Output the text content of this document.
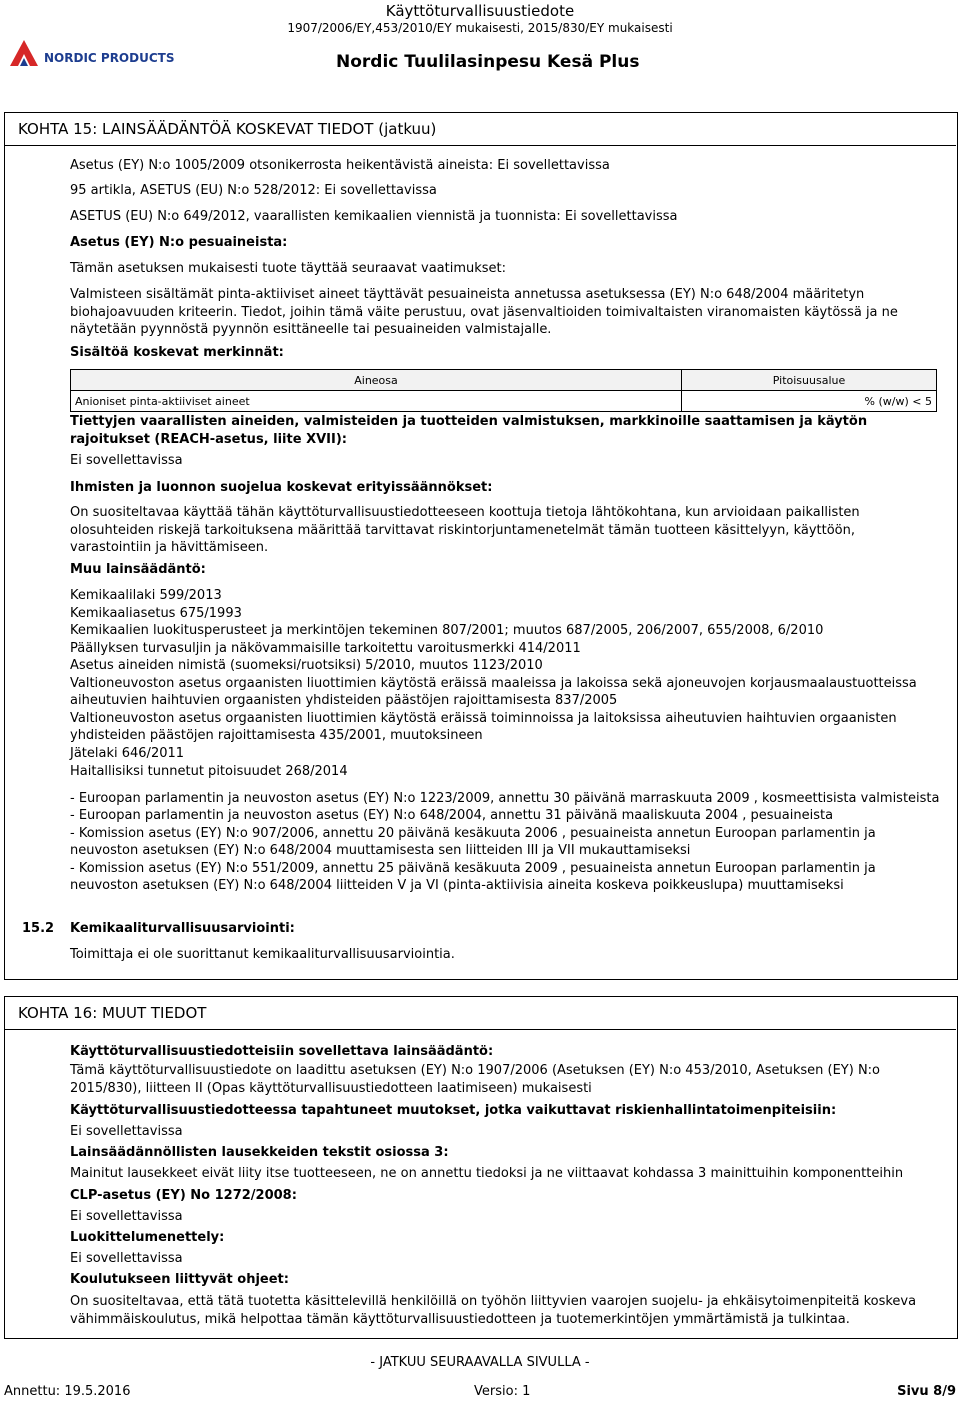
Käyttöturvallisuustiedote
1907/2006/EY,453/2010/EY mukaisesti, 2015/830/EY mukaisesti
Nordic Tuulilasinpesu Kesä Plus
NORDIC PRODUCTS
KOHTA 15: LAINSÄÄDÄNTÖÄ KOSKEVAT TIEDOT (jatkuu)
Asetus (EY) N:o 1005/2009 otsonikerrosta heikentävistä aineista: Ei sovellettavissa
95 artikla, ASETUS (EU) N:o 528/2012: Ei sovellettavissa
ASETUS (EU) N:o 649/2012, vaarallisten kemikaalien viennistä ja tuonnista: Ei sovellettavissa
Asetus (EY) N:o pesuaineista:
Tämän asetuksen mukaisesti tuote täyttää seuraavat vaatimukset:
Valmisteen sisältämät pinta-aktiiviset aineet täyttävät pesuaineista annetussa asetuksessa (EY) N:o 648/2004 määritetyn biohajoavuuden kriteerin. Tiedot, joihin tämä väite perustuu, ovat jäsenvaltioiden toimivaltaisten viranomaisten käytössä ja ne näytetään pyynnöstä pyynnön esittäneelle tai pesuaineiden valmistajalle.
Sisältöä koskevat merkinnät:
Aineosa	Pitoisuusalue
Anioniset pinta-aktiiviset aineet	% (w/w) < 5
Tiettyjen vaarallisten aineiden, valmisteiden ja tuotteiden valmistuksen, markkinoille saattamisen ja käytön rajoitukset (REACH-asetus, liite XVII):
Ei sovellettavissa
Ihmisten ja luonnon suojelua koskevat erityissäännökset:
On suositeltavaa käyttää tähän käyttöturvallisuustiedotteeseen koottuja tietoja lähtökohtana, kun arvioidaan paikallisten olosuhteiden riskejä tarkoituksena määrittää tarvittavat riskintorjuntamenetelmät tämän tuotteen käsittelyyn, käyttöön, varastointiin ja hävittämiseen.
Muu lainsäädäntö:
Kemikaalilaki 599/2013
Kemikaaliasetus 675/1993
Kemikaalien luokitusperusteet ja merkintöjen tekeminen 807/2001; muutos 687/2005, 206/2007, 655/2008, 6/2010
Päällyksen turvasuljin ja näkövammaisille tarkoitettu varoitusmerkki 414/2011
Asetus aineiden nimistä (suomeksi/ruotsiksi) 5/2010, muutos 1123/2010
Valtioneuvoston asetus orgaanisten liuottimien käytöstä eräissä maaleissa ja lakoissa sekä ajoneuvojen korjausmaalaustuotteissa
aiheutuvien haihtuvien orgaanisten yhdisteiden päästöjen rajoittamisesta 837/2005
Valtioneuvoston asetus orgaanisten liuottimien käytöstä eräissä toiminnoissa ja laitoksissa aiheutuvien haihtuvien orgaanisten
yhdisteiden päästöjen rajoittamisesta 435/2001, muutoksineen
Jätelaki 646/2011
Haitallisiksi tunnetut pitoisuudet 268/2014
- Euroopan parlamentin ja neuvoston asetus (EY) N:o 1223/2009, annettu 30 päivänä marraskuuta 2009 , kosmeettisista valmisteista
- Euroopan parlamentin ja neuvoston asetus (EY) N:o 648/2004, annettu 31 päivänä maaliskuuta 2004 , pesuaineista
- Komission asetus (EY) N:o 907/2006, annettu 20 päivänä kesäkuuta 2006 , pesuaineista annetun Euroopan parlamentin ja
neuvoston asetuksen (EY) N:o 648/2004 muuttamisesta sen liitteiden III ja VII mukauttamiseksi
- Komission asetus (EY) N:o 551/2009, annettu 25 päivänä kesäkuuta 2009 , pesuaineista annetun Euroopan parlamentin ja
neuvoston asetuksen (EY) N:o 648/2004 liitteiden V ja VI (pinta-aktiivisia aineita koskeva poikkeuslupa) muuttamiseksi
15.2 Kemikaaliturvallisuusarviointi:
Toimittaja ei ole suorittanut kemikaaliturvallisuusarviointia.
KOHTA 16: MUUT TIEDOT
Käyttöturvallisuustiedotteisiin sovellettava lainsäädäntö:
Tämä käyttöturvallisuustiedote on laadittu asetuksen (EY) N:o 1907/2006 (Asetuksen (EY) N:o 453/2010, Asetuksen (EY) N:o 2015/830), liitteen II (Opas käyttöturvallisuustiedotteen laatimiseen) mukaisesti
Käyttöturvallisuustiedotteessa tapahtuneet muutokset, jotka vaikuttavat riskienhallintatoimenpiteisiin:
Ei sovellettavissa
Lainsäädännöllisten lausekkeiden tekstit osiossa 3:
Mainitut lausekkeet eivät liity itse tuotteeseen, ne on annettu tiedoksi ja ne viittaavat kohdassa 3 mainittuihin komponentteihin
CLP-asetus (EY) No 1272/2008:
Ei sovellettavissa
Luokittelumenettely:
Ei sovellettavissa
Koulutukseen liittyvät ohjeet:
On suositeltavaa, että tätä tuotetta käsittelevillä henkilöillä on työhön liittyvien vaarojen suojelu- ja ehkäisytoimenpiteitä koskeva vähimmäiskoulutus, mikä helpottaa tämän käyttöturvallisuustiedotteen ja tuotemerkintöjen ymmärtämistä ja tulkintaa.
- JATKUU SEURAAVALLA SIVULLA -
Annettu: 19.5.2016	Versio: 1	Sivu 8/9
